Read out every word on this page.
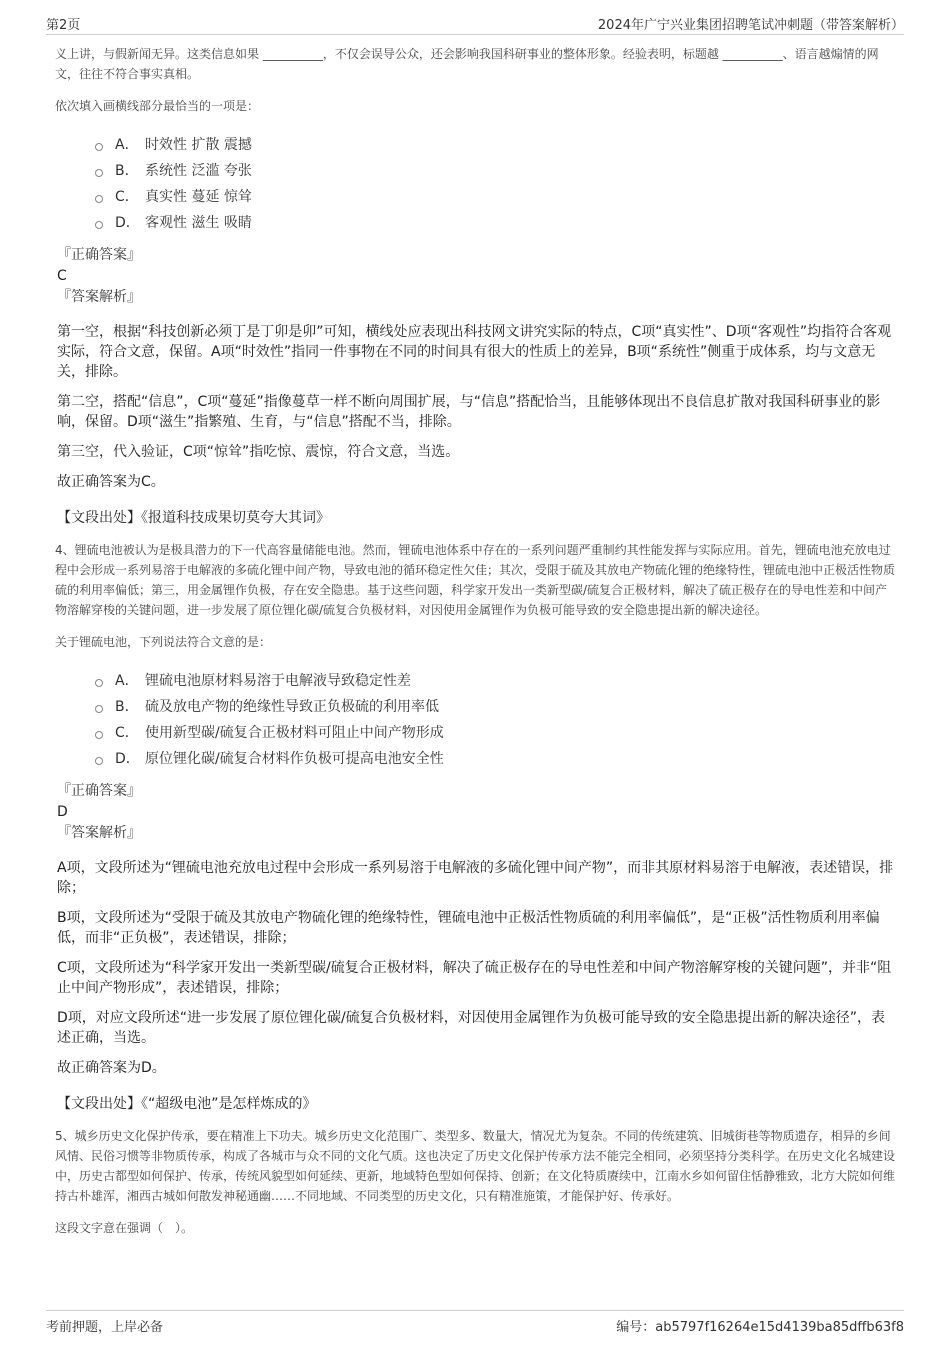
第2页	2024年广宁兴业集团招聘笔试冲刺题（带答案解析）

义上讲，与假新闻无异。这类信息如果 __________，不仅会误导公众，还会影响我国科研事业的整体形象。经验表明，标题越 __________、语言越煽情的网文，往往不符合事实真相。

依次填入画横线部分最恰当的一项是：

A． 时效性 扩散 震撼
B． 系统性 泛滥 夸张
C． 真实性 蔓延 惊耸
D． 客观性 滋生 吸睛

『正确答案』

C

『答案解析』

第一空，根据“科技创新必须丁是丁卯是卯”可知，横线处应表现出科技网文讲究实际的特点，C项“真实性”、D项“客观性”均指符合客观实际，符合文意，保留。A项“时效性”指同一件事物在不同的时间具有很大的性质上的差异，B项“系统性”侧重于成体系，均与文意无关，排除。

第二空，搭配“信息”，C项“蔓延”指像蔓草一样不断向周围扩展，与“信息”搭配恰当，且能够体现出不良信息扩散对我国科研事业的影响，保留。D项“滋生”指繁殖、生育，与“信息”搭配不当，排除。

第三空，代入验证，C项“惊耸”指吃惊、震惊，符合文意，当选。

故正确答案为C。

【文段出处】《报道科技成果切莫夸大其词》

4、锂硫电池被认为是极具潜力的下一代高容量储能电池。然而，锂硫电池体系中存在的一系列问题严重制约其性能发挥与实际应用。首先，锂硫电池充放电过程中会形成一系列易溶于电解液的多硫化锂中间产物，导致电池的循环稳定性欠佳；其次，受限于硫及其放电产物硫化锂的绝缘特性，锂硫电池中正极活性物质硫的利用率偏低；第三，用金属锂作负极，存在安全隐患。基于这些问题，科学家开发出一类新型碳/硫复合正极材料，解决了硫正极存在的导电性差和中间产物溶解穿梭的关键问题，进一步发展了原位锂化碳/硫复合负极材料，对因使用金属锂作为负极可能导致的安全隐患提出新的解决途径。

关于锂硫电池，下列说法符合文意的是：

A． 锂硫电池原材料易溶于电解液导致稳定性差
B． 硫及放电产物的绝缘性导致正负极硫的利用率低
C． 使用新型碳/硫复合正极材料可阻止中间产物形成
D． 原位锂化碳/硫复合材料作负极可提高电池安全性

『正确答案』

D

『答案解析』

A项，文段所述为“锂硫电池充放电过程中会形成一系列易溶于电解液的多硫化锂中间产物”，而非其原材料易溶于电解液，表述错误，排除；

B项，文段所述为“受限于硫及其放电产物硫化锂的绝缘特性，锂硫电池中正极活性物质硫的利用率偏低”，是“正极”活性物质利用率偏低，而非“正负极”，表述错误，排除；

C项，文段所述为“科学家开发出一类新型碳/硫复合正极材料，解决了硫正极存在的导电性差和中间产物溶解穿梭的关键问题”，并非“阻止中间产物形成”，表述错误，排除；

D项，对应文段所述“进一步发展了原位锂化碳/硫复合负极材料，对因使用金属锂作为负极可能导致的安全隐患提出新的解决途径”，表述正确，当选。

故正确答案为D。

【文段出处】《“超级电池”是怎样炼成的》

5、城乡历史文化保护传承，要在精准上下功夫。城乡历史文化范围广、类型多、数量大，情况尤为复杂。不同的传统建筑、旧城街巷等物质遗存，相异的乡间风情、民俗习惯等非物质传承，构成了各城市与众不同的文化气质。这也决定了历史文化保护传承方法不能完全相同，必须坚持分类科学。在历史文化名城建设中，历史古都型如何保护、传承，传统风貌型如何延续、更新，地域特色型如何保持、创新；在文化特质赓续中，江南水乡如何留住恬静雅致，北方大院如何维持古朴雄浑，湘西古城如何散发神秘通幽……不同地域、不同类型的历史文化，只有精准施策，才能保护好、传承好。

这段文字意在强调（　）。

考前押题，上岸必备	编号：ab5797f16264e15d4139ba85dffb63f8
